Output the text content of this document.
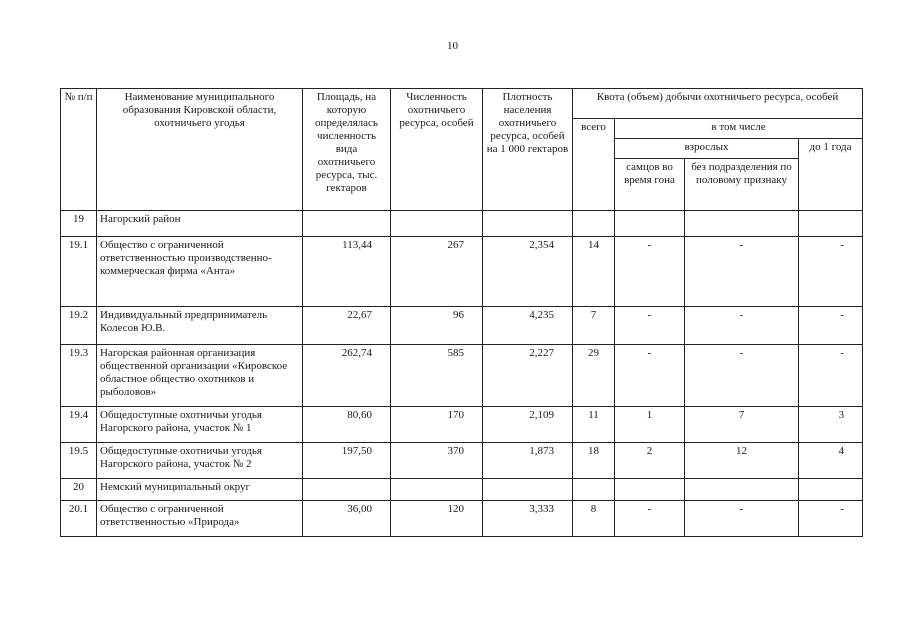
10
№ п/п	Наименование муниципального образования Кировской области, охотничьего угодья	Площадь, на которую определялась численность вида охотничьего ресурса, тыс. гектаров	Численность охотничьего ресурса, особей	Плотность населения охотничьего ресурса, особей на 1 000 гектаров	Квота (объем) добычи охотничьего ресурса, особей			
					всего	в том числе		
						взрослых		до 1 года
						самцов во время гона	без подразделения по половому признаку	
19	Нагорский район							
19.1	Общество с ограниченной ответственностью производственно-коммерческая фирма «Анта»	113,44	267	2,354	14	-	-	-
19.2	Индивидуальный предприниматель Колесов Ю.В.	22,67	96	4,235	7	-	-	-
19.3	Нагорская районная организация общественной организации «Кировское областное общество охотников и рыболовов»	262,74	585	2,227	29	-	-	-
19.4	Общедоступные охотничьи угодья Нагорского района, участок № 1	80,60	170	2,109	11	1	7	3
19.5	Общедоступные охотничьи угодья Нагорского района, участок № 2	197,50	370	1,873	18	2	12	4
20	Немский муниципальный округ							
20.1	Общество с ограниченной ответственностью «Природа»	36,00	120	3,333	8	-	-	-
